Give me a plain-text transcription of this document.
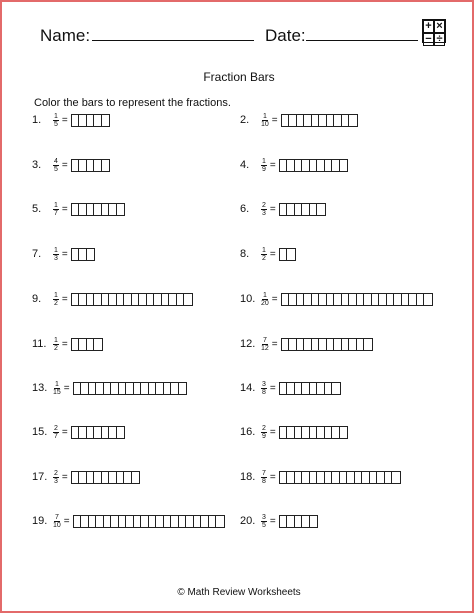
Name:	Date:	+ ×
− ÷
Fraction Bars
Color the bars to represent the fractions.
1.	$\frac{1}{5}$ =	2.	$\frac{1}{10}$ =
3.	$\frac{4}{5}$ =	4.	$\frac{1}{9}$ =
5.	$\frac{1}{7}$ =	6.	$\frac{2}{3}$ =
7.	$\frac{1}{3}$ =	8.	$\frac{1}{2}$ =
9.	$\frac{1}{2}$ =	10. $\frac{1}{20}$ =
11. $\frac{1}{2}$ =	12. $\frac{7}{12}$ =
13. $\frac{1}{15}$ =	14. $\frac{3}{8}$ =
15. $\frac{2}{7}$ =	16. $\frac{2}{9}$ =
17. $\frac{2}{3}$ =	18. $\frac{7}{8}$ =
19. $\frac{7}{10}$ =	20. $\frac{3}{5}$ =
© Math Review Worksheets
